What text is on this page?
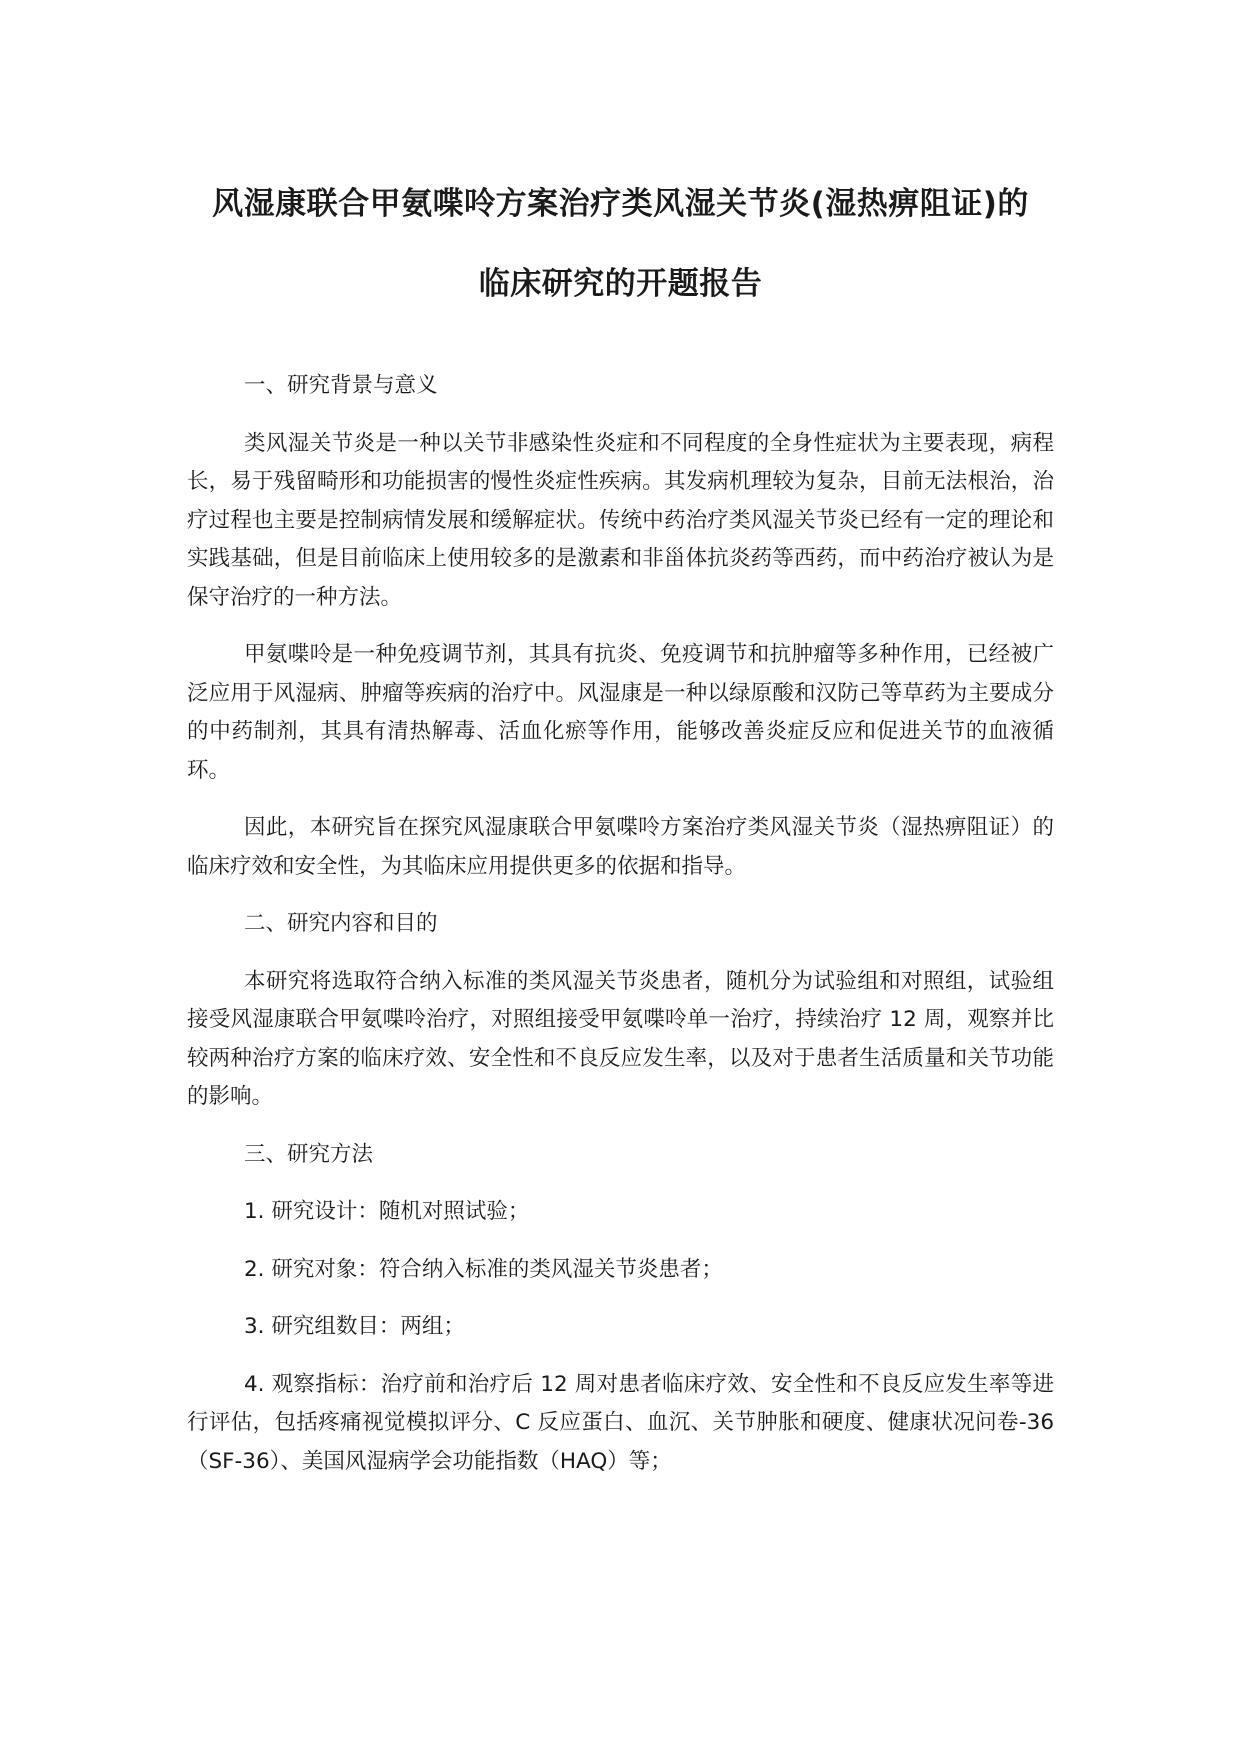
风湿康联合甲氨喋呤方案治疗类风湿关节炎(湿热痹阻证)的
临床研究的开题报告

一、研究背景与意义

类风湿关节炎是一种以关节非感染性炎症和不同程度的全身性症状为主要表现，病程长，易于残留畸形和功能损害的慢性炎症性疾病。其发病机理较为复杂，目前无法根治，治疗过程也主要是控制病情发展和缓解症状。传统中药治疗类风湿关节炎已经有一定的理论和实践基础，但是目前临床上使用较多的是激素和非甾体抗炎药等西药，而中药治疗被认为是保守治疗的一种方法。

甲氨喋呤是一种免疫调节剂，其具有抗炎、免疫调节和抗肿瘤等多种作用，已经被广泛应用于风湿病、肿瘤等疾病的治疗中。风湿康是一种以绿原酸和汉防己等草药为主要成分的中药制剂，其具有清热解毒、活血化瘀等作用，能够改善炎症反应和促进关节的血液循环。

因此，本研究旨在探究风湿康联合甲氨喋呤方案治疗类风湿关节炎（湿热痹阻证）的临床疗效和安全性，为其临床应用提供更多的依据和指导。

二、研究内容和目的

本研究将选取符合纳入标准的类风湿关节炎患者，随机分为试验组和对照组，试验组接受风湿康联合甲氨喋呤治疗，对照组接受甲氨喋呤单一治疗，持续治疗 12 周，观察并比较两种治疗方案的临床疗效、安全性和不良反应发生率，以及对于患者生活质量和关节功能的影响。

三、研究方法

1. 研究设计：随机对照试验；

2. 研究对象：符合纳入标准的类风湿关节炎患者；

3. 研究组数目：两组；

4. 观察指标：治疗前和治疗后 12 周对患者临床疗效、安全性和不良反应发生率等进行评估，包括疼痛视觉模拟评分、C 反应蛋白、血沉、关节肿胀和硬度、健康状况问卷-36（SF-36）、美国风湿病学会功能指数（HAQ）等；
